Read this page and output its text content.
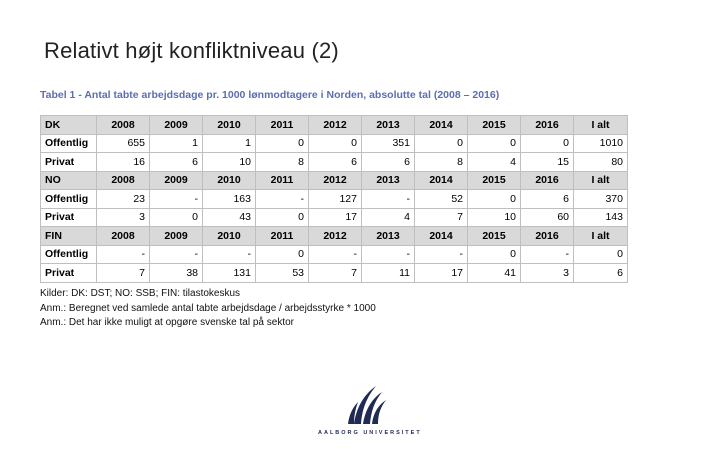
Relativt højt konfliktniveau (2)
Tabel 1 - Antal tabte arbejdsdage pr. 1000 lønmodtagere i Norden, absolutte tal (2008 – 2016)
DK	2008	2009	2010	2011	2012	2013	2014	2015	2016	I alt
Offentlig	655	1	1	0	0	351	0	0	0	1010
Privat	16	6	10	8	6	6	8	4	15	80
NO	2008	2009	2010	2011	2012	2013	2014	2015	2016	I alt
Offentlig	23	-	163	-	127	-	52	0	6	370
Privat	3	0	43	0	17	4	7	10	60	143
FIN	2008	2009	2010	2011	2012	2013	2014	2015	2016	I alt
Offentlig	-	-	-	0	-	-	-	0	-	0
Privat	7	38	131	53	7	11	17	41	3	6
Kilder: DK: DST; NO: SSB; FIN: tilastokeskus
Anm.: Beregnet ved samlede antal tabte arbejdsdage / arbejdsstyrke * 1000
Anm.: Det har ikke muligt at opgøre svenske tal på sektor
AALBORG UNIVERSITET
